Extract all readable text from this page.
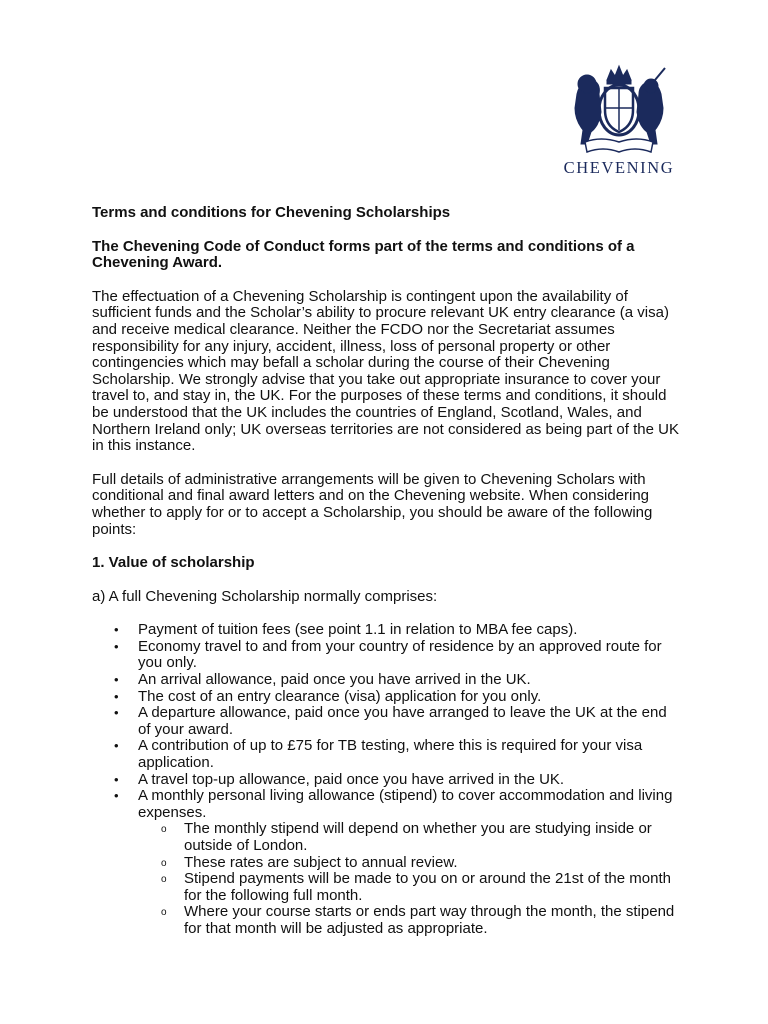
CHEVENING

Terms and conditions for Chevening Scholarships

The Chevening Code of Conduct forms part of the terms and conditions of a Chevening Award.

The effectuation of a Chevening Scholarship is contingent upon the availability of sufficient funds and the Scholar’s ability to procure relevant UK entry clearance (a visa) and receive medical clearance. Neither the FCDO nor the Secretariat assumes responsibility for any injury, accident, illness, loss of personal property or other contingencies which may befall a scholar during the course of their Chevening Scholarship. We strongly advise that you take out appropriate insurance to cover your travel to, and stay in, the UK. For the purposes of these terms and conditions, it should be understood that the UK includes the countries of England, Scotland, Wales, and Northern Ireland only; UK overseas territories are not considered as being part of the UK in this instance.

Full details of administrative arrangements will be given to Chevening Scholars with conditional and final award letters and on the Chevening website. When considering whether to apply for or to accept a Scholarship, you should be aware of the following points:

1. Value of scholarship

a) A full Chevening Scholarship normally comprises:

• Payment of tuition fees (see point 1.1 in relation to MBA fee caps).
• Economy travel to and from your country of residence by an approved route for you only.
• An arrival allowance, paid once you have arrived in the UK.
• The cost of an entry clearance (visa) application for you only.
• A departure allowance, paid once you have arranged to leave the UK at the end of your award.
• A contribution of up to £75 for TB testing, where this is required for your visa application.
• A travel top-up allowance, paid once you have arrived in the UK.
• A monthly personal living allowance (stipend) to cover accommodation and living expenses.
o The monthly stipend will depend on whether you are studying inside or outside of London.
o These rates are subject to annual review.
o Stipend payments will be made to you on or around the 21st of the month for the following full month.
o Where your course starts or ends part way through the month, the stipend for that month will be adjusted as appropriate.
